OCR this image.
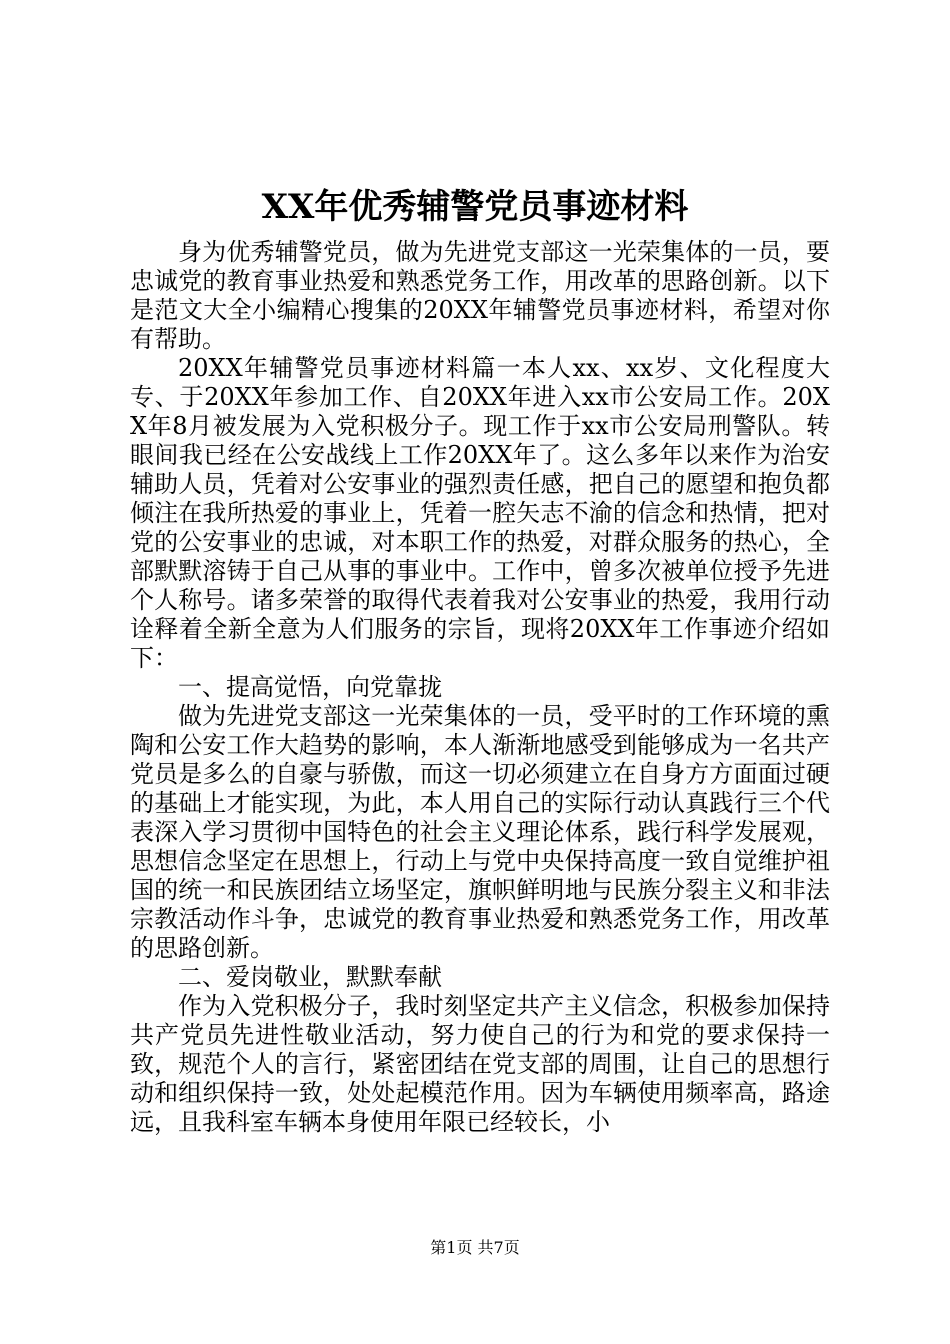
XX年优秀辅警党员事迹材料

身为优秀辅警党员，做为先进党支部这一光荣集体的一员，要忠诚党的教育事业热爱和熟悉党务工作，用改革的思路创新。以下是范文大全小编精心搜集的20XX年辅警党员事迹材料，希望对你有帮助。

20XX年辅警党员事迹材料篇一本人xx、xx岁、文化程度大专、于20XX年参加工作、自20XX年进入xx市公安局工作。20XX年8月被发展为入党积极分子。现工作于xx市公安局刑警队。转眼间我已经在公安战线上工作20XX年了。这么多年以来作为治安辅助人员，凭着对公安事业的强烈责任感，把自己的愿望和抱负都倾注在我所热爱的事业上，凭着一腔矢志不渝的信念和热情，把对党的公安事业的忠诚，对本职工作的热爱，对群众服务的热心，全部默默溶铸于自己从事的事业中。工作中，曾多次被单位授予先进个人称号。诸多荣誉的取得代表着我对公安事业的热爱，我用行动诠释着全新全意为人们服务的宗旨，现将20XX年工作事迹介绍如下：

一、提高觉悟，向党靠拢

做为先进党支部这一光荣集体的一员，受平时的工作环境的熏陶和公安工作大趋势的影响，本人渐渐地感受到能够成为一名共产党员是多么的自豪与骄傲，而这一切必须建立在自身方方面面过硬的基础上才能实现，为此，本人用自己的实际行动认真践行三个代表深入学习贯彻中国特色的社会主义理论体系，践行科学发展观，思想信念坚定在思想上，行动上与党中央保持高度一致自觉维护祖国的统一和民族团结立场坚定，旗帜鲜明地与民族分裂主义和非法宗教活动作斗争，忠诚党的教育事业热爱和熟悉党务工作，用改革的思路创新。

二、爱岗敬业，默默奉献

作为入党积极分子，我时刻坚定共产主义信念，积极参加保持共产党员先进性敬业活动，努力使自己的行为和党的要求保持一致，规范个人的言行，紧密团结在党支部的周围，让自己的思想行动和组织保持一致，处处起模范作用。因为车辆使用频率高，路途远，且我科室车辆本身使用年限已经较长，小

第1页 共7页
